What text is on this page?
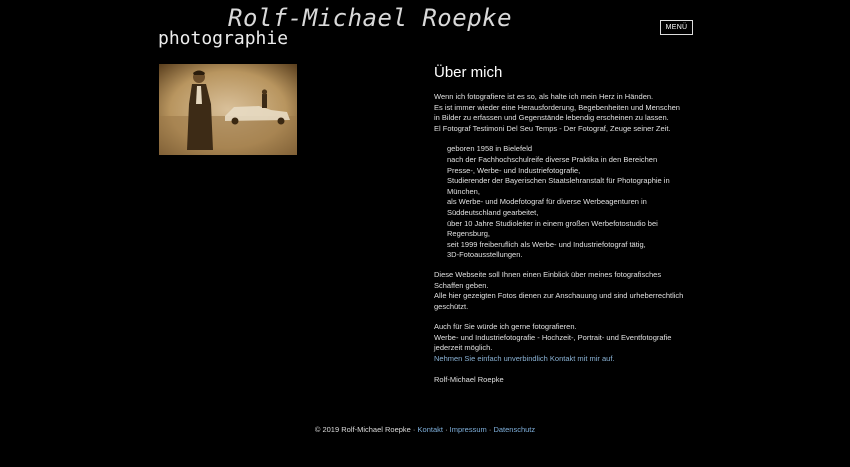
Rolf-Michael Roepke
photographie
MENÜ
Über mich
Wenn ich fotografiere ist es so, als halte ich mein Herz in Händen.
Es ist immer wieder eine Herausforderung, Begebenheiten und Menschen in Bilder zu erfassen und Gegenstände lebendig erscheinen zu lassen.
El Fotograf Testimoni Del Seu Temps - Der Fotograf, Zeuge seiner Zeit.
geboren 1958 in Bielefeld
nach der Fachhochschulreife diverse Praktika in den Bereichen Presse-, Werbe- und Industriefotografie,
Studierender der Bayerischen Staatslehranstalt für Photographie in München,
als Werbe- und Modefotograf für diverse Werbeagenturen in Süddeutschland gearbeitet,
über 10 Jahre Studioleiter in einem großen Werbefotostudio bei Regensburg,
seit 1999 freiberuflich als Werbe- und Industriefotograf tätig,
3D-Fotoausstellungen.
Diese Webseite soll Ihnen einen Einblick über meines fotografisches Schaffen geben.
Alle hier gezeigten Fotos dienen zur Anschauung und sind urheberrechtlich geschützt.
Auch für Sie würde ich gerne fotografieren.
Werbe- und Industriefotografie - Hochzeit-, Portrait- und Eventfotografie jederzeit möglich.
Nehmen Sie einfach unverbindlich Kontakt mit mir auf.
Rolf-Michael Roepke
© 2019 Rolf-Michael Roepke · Kontakt · Impressum · Datenschutz
